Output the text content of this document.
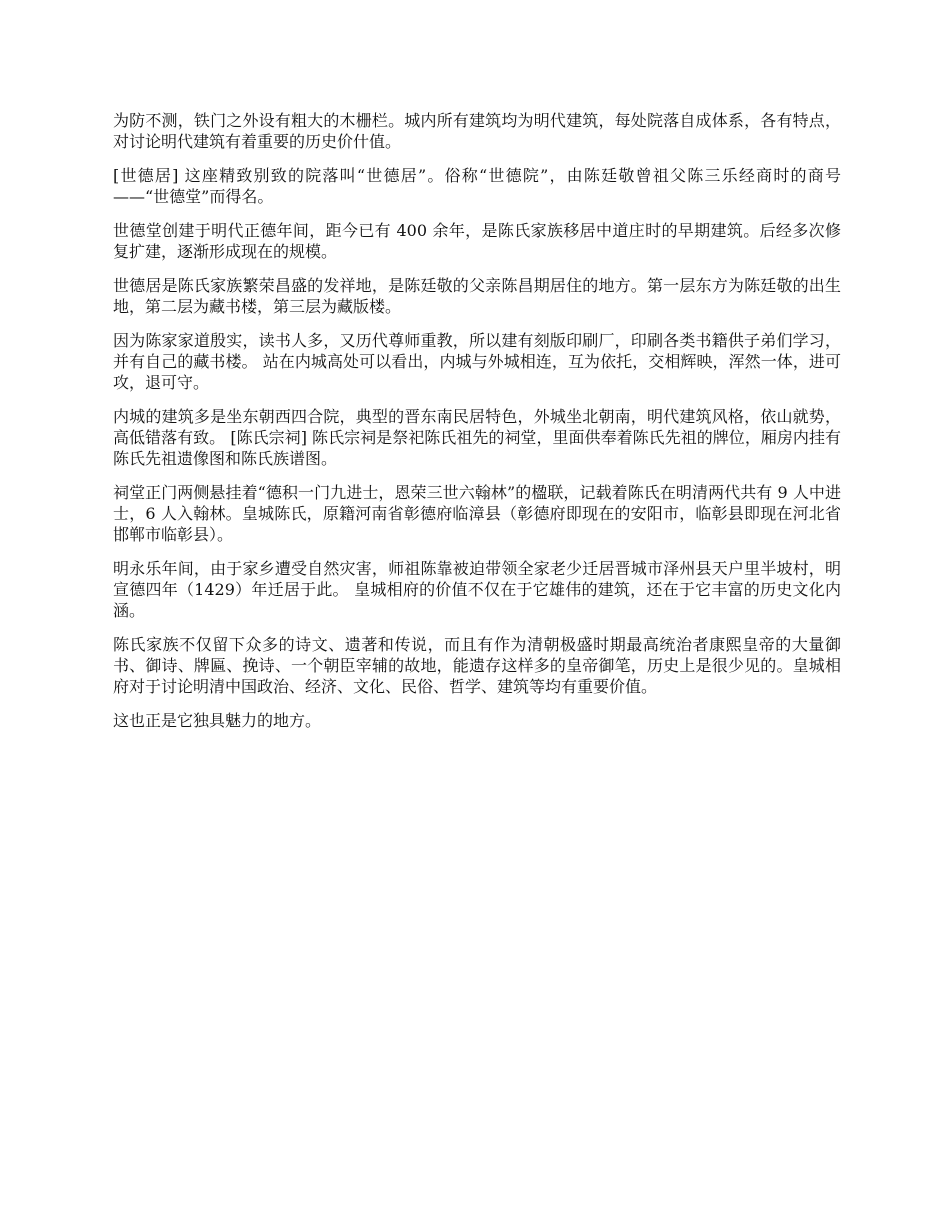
为防不测，铁门之外设有粗大的木栅栏。城内所有建筑均为明代建筑，每处院落自成体系，各有特点，对讨论明代建筑有着重要的历史价什值。

[世德居] 这座精致别致的院落叫“世德居”。俗称“世德院”，由陈廷敬曾祖父陈三乐经商时的商号——“世德堂”而得名。

世德堂创建于明代正德年间，距今已有 400 余年，是陈氏家族移居中道庄时的早期建筑。后经多次修复扩建，逐渐形成现在的规模。

世德居是陈氏家族繁荣昌盛的发祥地，是陈廷敬的父亲陈昌期居住的地方。第一层东方为陈廷敬的出生地，第二层为藏书楼，第三层为藏版楼。

因为陈家家道殷实，读书人多，又历代尊师重教，所以建有刻版印刷厂，印刷各类书籍供子弟们学习，并有自己的藏书楼。 站在内城高处可以看出，内城与外城相连，互为依托，交相辉映，浑然一体，进可攻，退可守。

内城的建筑多是坐东朝西四合院，典型的晋东南民居特色，外城坐北朝南，明代建筑风格，依山就势，高低错落有致。 [陈氏宗祠] 陈氏宗祠是祭祀陈氏祖先的祠堂，里面供奉着陈氏先祖的牌位，厢房内挂有陈氏先祖遗像图和陈氏族谱图。

祠堂正门两侧悬挂着“德积一门九进士，恩荣三世六翰林”的楹联，记载着陈氏在明清两代共有 9 人中进士，6 人入翰林。皇城陈氏，原籍河南省彰德府临漳县（彰德府即现在的安阳市，临彰县即现在河北省邯郸市临彰县）。

明永乐年间，由于家乡遭受自然灾害，师祖陈靠被迫带领全家老少迁居晋城市泽州县天户里半坡村，明宣德四年（1429）年迁居于此。 皇城相府的价值不仅在于它雄伟的建筑，还在于它丰富的历史文化内涵。

陈氏家族不仅留下众多的诗文、遗著和传说，而且有作为清朝极盛时期最高统治者康熙皇帝的大量御书、御诗、牌匾、挽诗、一个朝臣宰辅的故地，能遗存这样多的皇帝御笔，历史上是很少见的。皇城相府对于讨论明清中国政治、经济、文化、民俗、哲学、建筑等均有重要价值。

这也正是它独具魅力的地方。
